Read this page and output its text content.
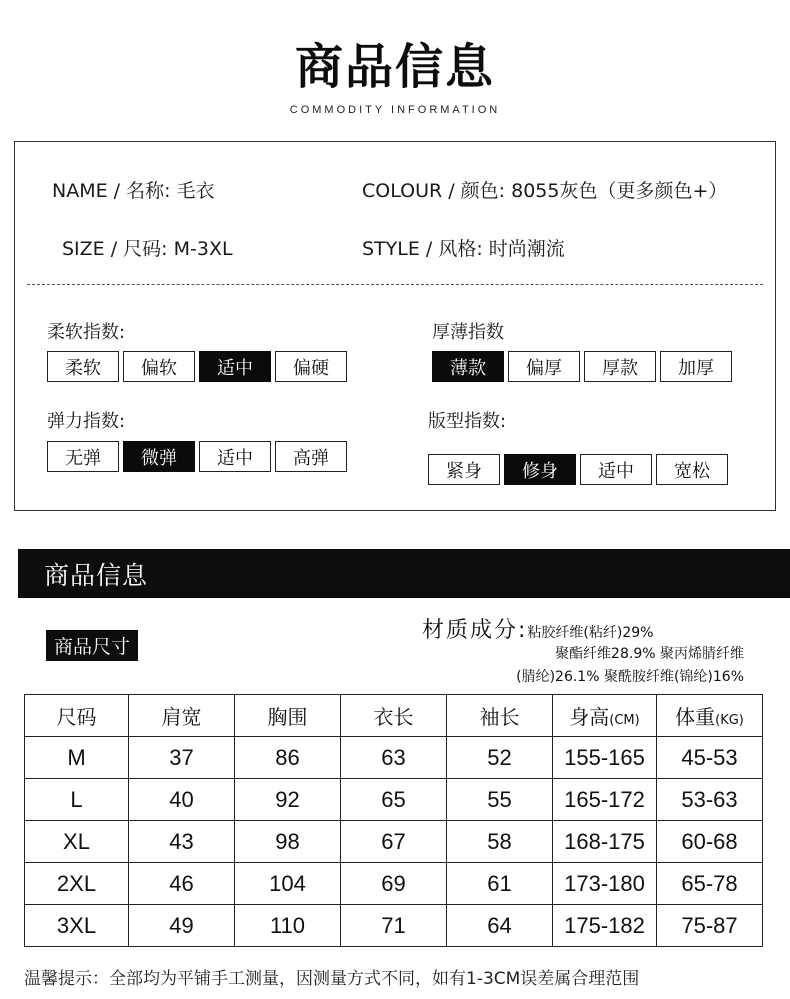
商品信息
COMMODITY INFORMATION
NAME / 名称: 毛衣	COLOUR / 颜色: 8055灰色（更多颜色+）
SIZE / 尺码: M-3XL	STYLE / 风格: 时尚潮流
柔软指数:
柔软	偏软	适中	偏硬
厚薄指数
薄款	偏厚	厚款	加厚
弹力指数:
无弹	微弹	适中	高弹
版型指数:
紧身	修身	适中	宽松
商品信息
商品尺寸
材质成分:粘胶纤维(粘纤)29%
聚酯纤维28.9% 聚丙烯腈纤维
(腈纶)26.1% 聚酰胺纤维(锦纶)16%
尺码	肩宽	胸围	衣长	袖长	身高(CM)	体重(KG)
M	37	86	63	52	155-165	45-53
L	40	92	65	55	165-172	53-63
XL	43	98	67	58	168-175	60-68
2XL	46	104	69	61	173-180	65-78
3XL	49	110	71	64	175-182	75-87
温馨提示：全部均为平铺手工测量，因测量方式不同，如有1-3CM误差属合理范围
